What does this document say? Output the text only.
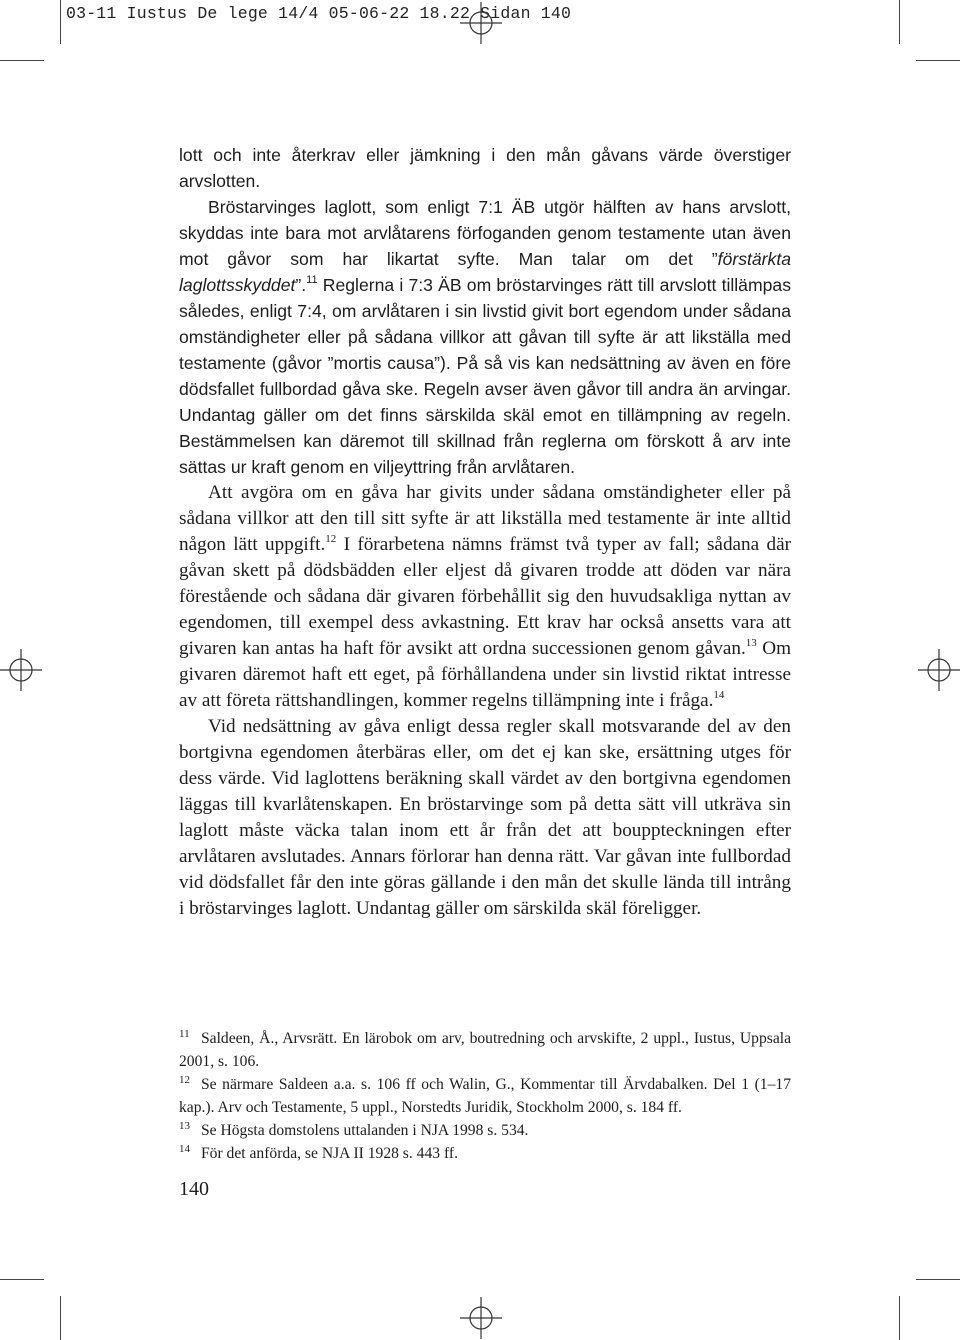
03-11 Iustus De lege 14/4 05-06-22 18.22 Sidan 140

lott och inte återkrav eller jämkning i den mån gåvans värde överstiger arvslotten.

Bröstarvinges laglott, som enligt 7:1 ÄB utgör hälften av hans arvslott, skyddas inte bara mot arvlåtarens förfoganden genom testamente utan även mot gåvor som har likartat syfte. Man talar om det ”förstärkta laglottsskyddet”.$^{11}$ Reglerna i 7:3 ÄB om bröstarvinges rätt till arvslott tillämpas således, enligt 7:4, om arvlåtaren i sin livstid givit bort egendom under sådana omständigheter eller på sådana villkor att gåvan till syfte är att likställa med testamente (gåvor ”mortis causa”). På så vis kan nedsättning av även en före dödsfallet fullbordad gåva ske. Regeln avser även gåvor till andra än arvingar. Undantag gäller om det finns särskilda skäl emot en tillämpning av regeln. Bestämmelsen kan däremot till skillnad från reglerna om förskott å arv inte sättas ur kraft genom en viljeyttring från arvlåtaren.

Att avgöra om en gåva har givits under sådana omständigheter eller på sådana villkor att den till sitt syfte är att likställa med testamente är inte alltid någon lätt uppgift.$^{12}$ I förarbetena nämns främst två typer av fall; sådana där gåvan skett på dödsbädden eller eljest då givaren trodde att döden var nära förestående och sådana där givaren förbehållit sig den huvudsakliga nyttan av egendomen, till exempel dess avkastning. Ett krav har också ansetts vara att givaren kan antas ha haft för avsikt att ordna successionen genom gåvan.$^{13}$ Om givaren däremot haft ett eget, på förhållandena under sin livstid riktat intresse av att företa rättshandlingen, kommer regelns tillämpning inte i fråga.$^{14}$

Vid nedsättning av gåva enligt dessa regler skall motsvarande del av den bortgivna egendomen återbäras eller, om det ej kan ske, ersättning utges för dess värde. Vid laglottens beräkning skall värdet av den bortgivna egendomen läggas till kvarlåtenskapen. En bröstarvinge som på detta sätt vill utkräva sin laglott måste väcka talan inom ett år från det att bouppteckningen efter arvlåtaren avslutades. Annars förlorar han denna rätt. Var gåvan inte fullbordad vid dödsfallet får den inte göras gällande i den mån det skulle lända till intrång i bröstarvinges laglott. Undantag gäller om särskilda skäl föreligger.

11 Saldeen, Å., Arvsrätt. En lärobok om arv, boutredning och arvskifte, 2 uppl., Iustus, Uppsala 2001, s. 106.

12 Se närmare Saldeen a.a. s. 106 ff och Walin, G., Kommentar till Ärvdabalken. Del 1 (1–17 kap.). Arv och Testamente, 5 uppl., Norstedts Juridik, Stockholm 2000, s. 184 ff.

13 Se Högsta domstolens uttalanden i NJA 1998 s. 534.

14 För det anförda, se NJA II 1928 s. 443 ff.

140
